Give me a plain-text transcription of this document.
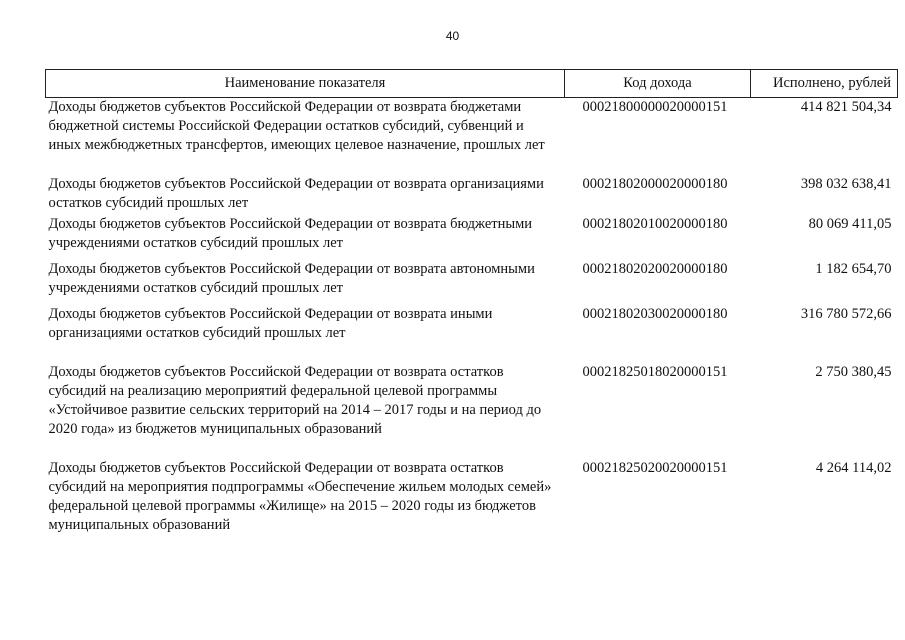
40
Наименование показателя	Код дохода	Исполнено, рублей
Доходы бюджетов субъектов Российской Федерации от возврата бюджетами бюджетной системы Российской Федерации остатков субсидий, субвенций и иных межбюджетных трансфертов, имеющих целевое назначение, прошлых лет	00021800000020000151	414 821 504,34
Доходы бюджетов субъектов Российской Федерации от возврата организациями остатков субсидий прошлых лет	00021802000020000180	398 032 638,41
Доходы бюджетов субъектов Российской Федерации от возврата бюджетными учреждениями остатков субсидий прошлых лет	00021802010020000180	80 069 411,05
Доходы бюджетов субъектов Российской Федерации от возврата автономными учреждениями остатков субсидий прошлых лет	00021802020020000180	1 182 654,70
Доходы бюджетов субъектов Российской Федерации от возврата иными организациями остатков субсидий прошлых лет	00021802030020000180	316 780 572,66
Доходы бюджетов субъектов Российской Федерации от возврата остатков субсидий на реализацию мероприятий федеральной целевой программы «Устойчивое развитие сельских территорий на 2014 – 2017 годы и на период до 2020 года» из бюджетов муниципальных образований	00021825018020000151	2 750 380,45
Доходы бюджетов субъектов Российской Федерации от возврата остатков субсидий на мероприятия подпрограммы «Обеспечение жильем молодых семей» федеральной целевой программы «Жилище» на 2015 – 2020 годы из бюджетов муниципальных образований	00021825020020000151	4 264 114,02
